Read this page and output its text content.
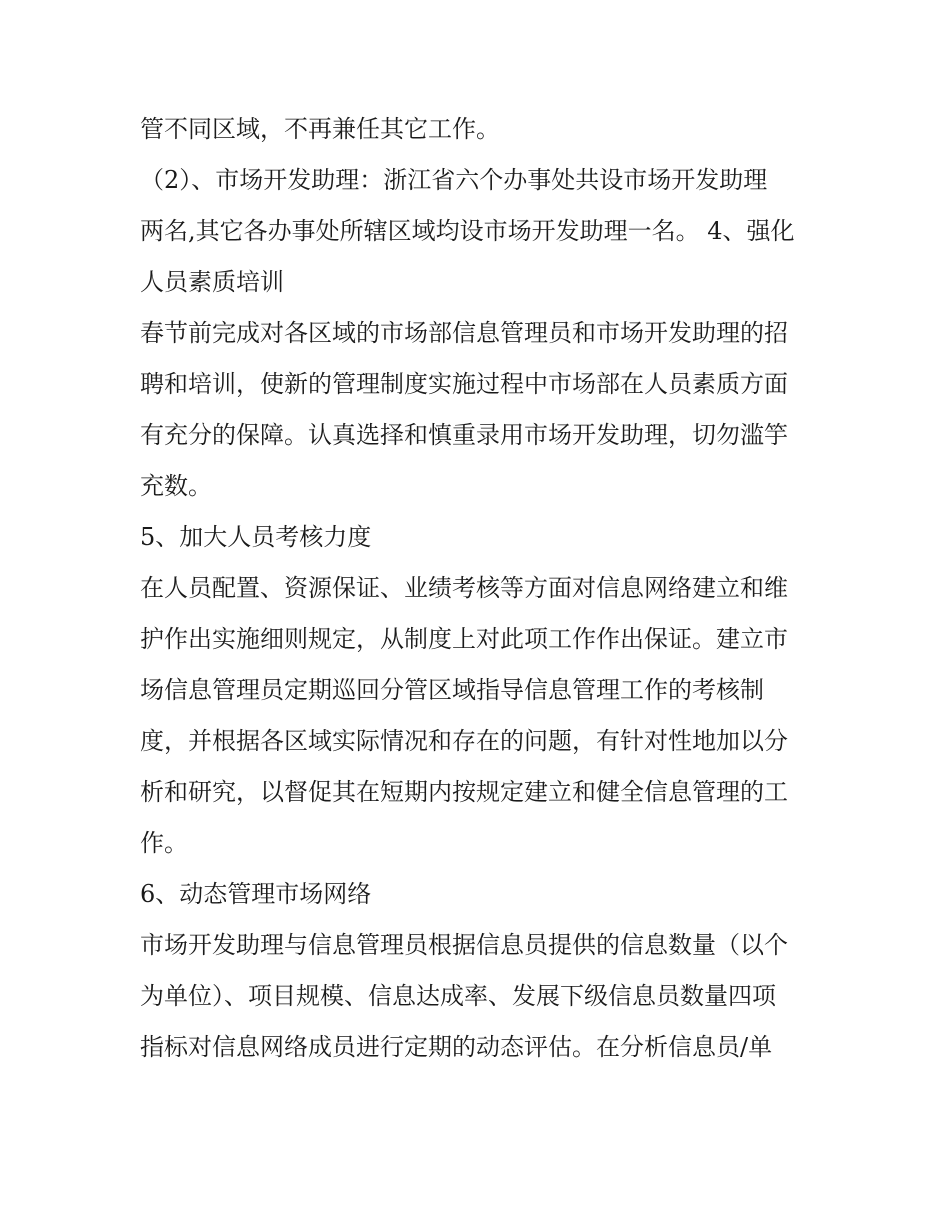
管不同区域，不再兼任其它工作。
（2）、市场开发助理：浙江省六个办事处共设市场开发助理
两名,其它各办事处所辖区域均设市场开发助理一名。 4、强化
人员素质培训
春节前完成对各区域的市场部信息管理员和市场开发助理的招
聘和培训，使新的管理制度实施过程中市场部在人员素质方面
有充分的保障。认真选择和慎重录用市场开发助理，切勿滥竽
充数。
5、加大人员考核力度
在人员配置、资源保证、业绩考核等方面对信息网络建立和维
护作出实施细则规定，从制度上对此项工作作出保证。建立市
场信息管理员定期巡回分管区域指导信息管理工作的考核制
度，并根据各区域实际情况和存在的问题，有针对性地加以分
析和研究，以督促其在短期内按规定建立和健全信息管理的工
作。
6、动态管理市场网络
市场开发助理与信息管理员根据信息员提供的信息数量（以个
为单位）、项目规模、信息达成率、发展下级信息员数量四项
指标对信息网络成员进行定期的动态评估。在分析信息员/单
